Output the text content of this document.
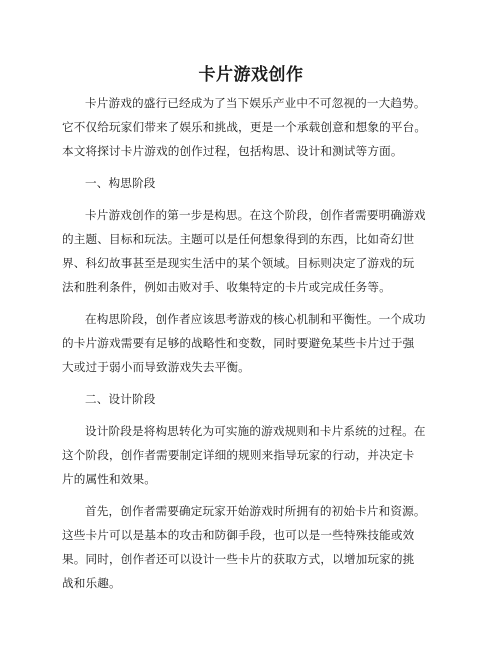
卡片游戏创作
卡片游戏的盛行已经成为了当下娱乐产业中不可忽视的一大趋势。
它不仅给玩家们带来了娱乐和挑战，更是一个承载创意和想象的平台。
本文将探讨卡片游戏的创作过程，包括构思、设计和测试等方面。
一、构思阶段
卡片游戏创作的第一步是构思。在这个阶段，创作者需要明确游戏
的主题、目标和玩法。主题可以是任何想象得到的东西，比如奇幻世
界、科幻故事甚至是现实生活中的某个领域。目标则决定了游戏的玩
法和胜利条件，例如击败对手、收集特定的卡片或完成任务等。
在构思阶段，创作者应该思考游戏的核心机制和平衡性。一个成功
的卡片游戏需要有足够的战略性和变数，同时要避免某些卡片过于强
大或过于弱小而导致游戏失去平衡。
二、设计阶段
设计阶段是将构思转化为可实施的游戏规则和卡片系统的过程。在
这个阶段，创作者需要制定详细的规则来指导玩家的行动，并决定卡
片的属性和效果。
首先，创作者需要确定玩家开始游戏时所拥有的初始卡片和资源。
这些卡片可以是基本的攻击和防御手段，也可以是一些特殊技能或效
果。同时，创作者还可以设计一些卡片的获取方式，以增加玩家的挑
战和乐趣。
